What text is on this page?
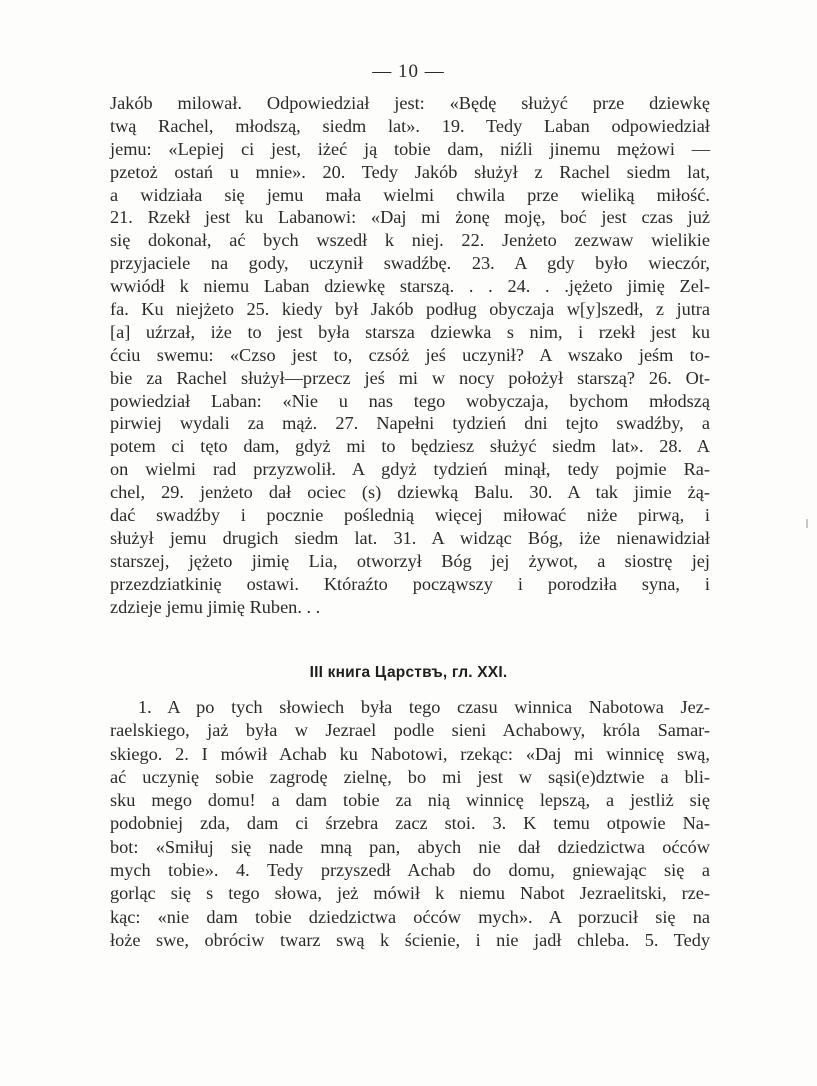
— 10 —
Jakób milował. Odpowiedział jest: «Będę służyć prze dziewkę
twą Rachel, młodszą, siedm lat». 19. Tedy Laban odpowiedział
jemu: «Lepiej ci jest, iżeć ją tobie dam, niźli jinemu mężowi —
pzetoż ostań u mnie». 20. Tedy Jakób służył z Rachel siedm lat,
a widziała się jemu mała wielmi chwila prze wieliką miłość.
21. Rzekł jest ku Labanowi: «Daj mi żonę moję, boć jest czas już
się dokonał, ać bych wszedł k niej. 22. Jenżeto zezwaw wielikie
przyjaciele na gody, uczynił swadźbę. 23. A gdy było wieczór,
wwiódł k niemu Laban dziewkę starszą. . . 24. . .jężeto jimię Zel-
fa. Ku niejżeto 25. kiedy był Jakób podług obyczaja w[y]szedł, z jutra
[a] uźrzał, iże to jest była starsza dziewka s nim, i rzekł jest ku
ćciu swemu: «Czso jest to, czsóż jeś uczynił? A wszako jeśm to-
bie za Rachel służył—przecz jeś mi w nocy położył starszą? 26. Ot-
powiedział Laban: «Nie u nas tego wobyczaja, bychom młodszą
pirwiej wydali za mąż. 27. Napełni tydzień dni tejto swadźby, a
potem ci tęto dam, gdyż mi to będziesz służyć siedm lat». 28. A
on wielmi rad przyzwolił. A gdyż tydzień minął, tedy pojmie Ra-
chel, 29. jenżeto dał ociec (s) dziewką Balu. 30. A tak jimie żą-
dać swadźby i pocznie poślednią więcej miłować niże pirwą, i
służył jemu drugich siedm lat. 31. A widząc Bóg, iże nienawidział
starszej, jężeto jimię Lia, otworzył Bóg jej żywot, a siostrę jej
przezdziatkinię ostawi. Któraźto począwszy i porodziła syna, i
zdzieje jemu jimię Ruben. . .
III книга Царствъ, гл. XXI.
1. A po tych słowiech była tego czasu winnica Nabotowa Jez-
raelskiego, jaż była w Jezrael podle sieni Achabowy, króla Samar-
skiego. 2. I mówił Achab ku Nabotowi, rzekąc: «Daj mi winnicę swą,
ać uczynię sobie zagrodę zielnę, bo mi jest w sąsi(e)dztwie a bli-
sku mego domu! a dam tobie za nią winnicę lepszą, a jestliż się
podobniej zda, dam ci śrzebra zacz stoi. 3. K temu otpowie Na-
bot: «Smiłuj się nade mną pan, abych nie dał dziedzictwa oćców
mych tobie». 4. Tedy przyszedł Achab do domu, gniewając się a
gorląc się s tego słowa, jeż mówił k niemu Nabot Jezraelitski, rze-
kąc: «nie dam tobie dziedzictwa oćców mych». A porzucił się na
łoże swe, obróciw twarz swą k ścienie, i nie jadł chleba. 5. Tedy
